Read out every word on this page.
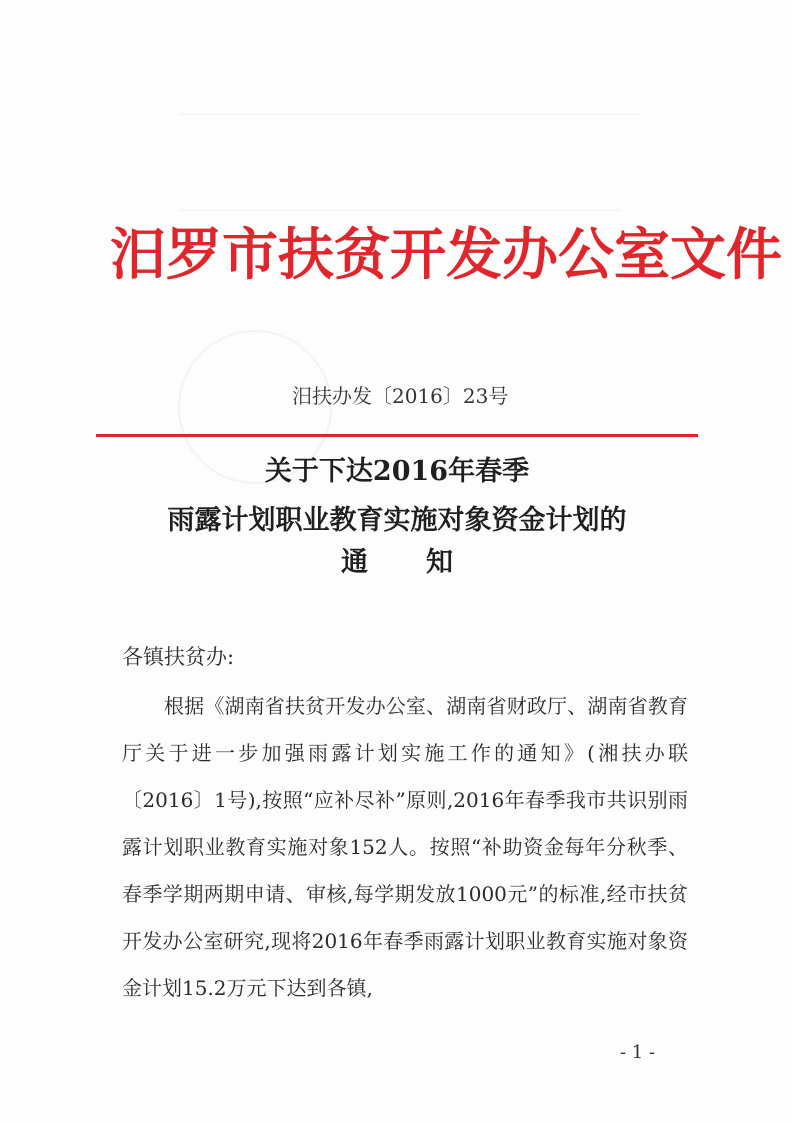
汨罗市扶贫开发办公室文件
汨扶办发〔2016〕23号
关于下达2016年春季
雨露计划职业教育实施对象资金计划的
通知
各镇扶贫办:

根据《湖南省扶贫开发办公室、湖南省财政厅、湖南省教育厅关于进一步加强雨露计划实施工作的通知》(湘扶办联〔2016〕1号),按照“应补尽补”原则,2016年春季我市共识别雨露计划职业教育实施对象152人。按照“补助资金每年分秋季、春季学期两期申请、审核,每学期发放1000元”的标准,经市扶贫开发办公室研究,现将2016年春季雨露计划职业教育实施对象资金计划15.2万元下达到各镇,

- 1 -
